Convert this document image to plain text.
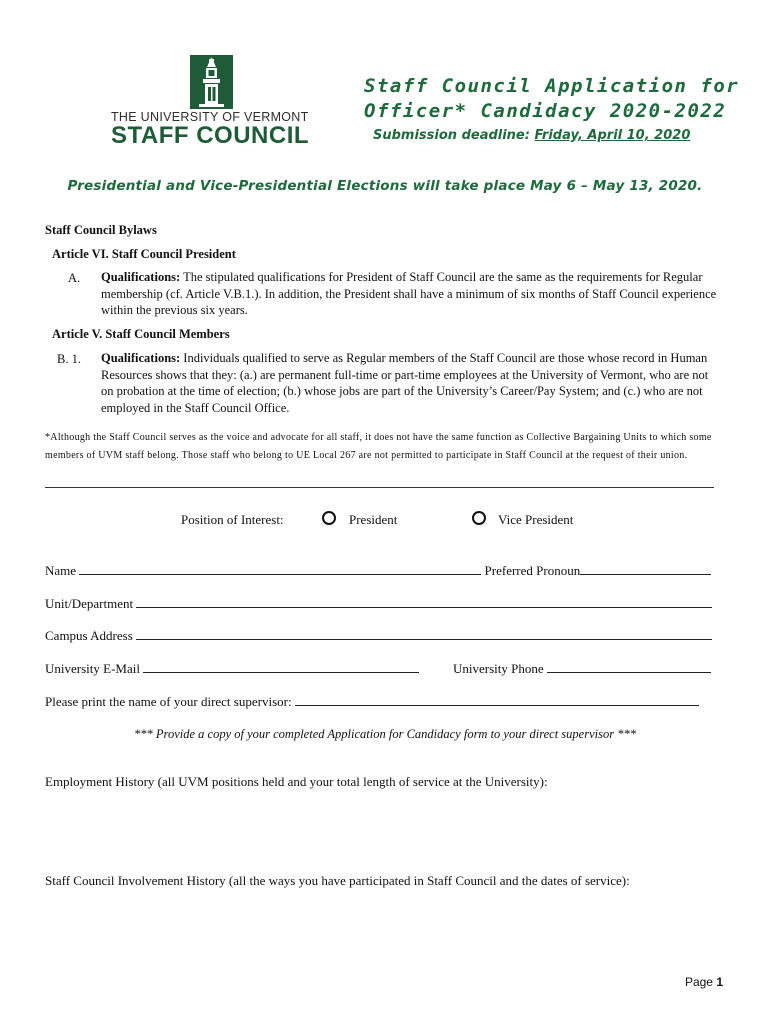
THE UNIVERSITY OF VERMONT
STAFF COUNCIL
Staff Council Application for
Officer* Candidacy 2020-2022
Submission deadline: Friday, April 10, 2020
Presidential and Vice-Presidential Elections will take place May 6 – May 13, 2020.
Staff Council Bylaws
Article VI. Staff Council President
A. Qualifications: The stipulated qualifications for President of Staff Council are the same as the requirements for Regular membership (cf. Article V.B.1.). In addition, the President shall have a minimum of six months of Staff Council experience within the previous six years.
Article V. Staff Council Members
B. 1. Qualifications: Individuals qualified to serve as Regular members of the Staff Council are those whose record in Human Resources shows that they: (a.) are permanent full-time or part-time employees at the University of Vermont, who are not on probation at the time of election; (b.) whose jobs are part of the University’s Career/Pay System; and (c.) who are not employed in the Staff Council Office.
*Although the Staff Council serves as the voice and advocate for all staff, it does not have the same function as Collective Bargaining Units to which some members of UVM staff belong. Those staff who belong to UE Local 267 are not permitted to participate in Staff Council at the request of their union.
Position of Interest:	President	Vice President
Name	Preferred Pronoun
Unit/Department
Campus Address
University E-Mail	University Phone
Please print the name of your direct supervisor:
*** Provide a copy of your completed Application for Candidacy form to your direct supervisor ***
Employment History (all UVM positions held and your total length of service at the University):
Staff Council Involvement History (all the ways you have participated in Staff Council and the dates of service):
Page 1
